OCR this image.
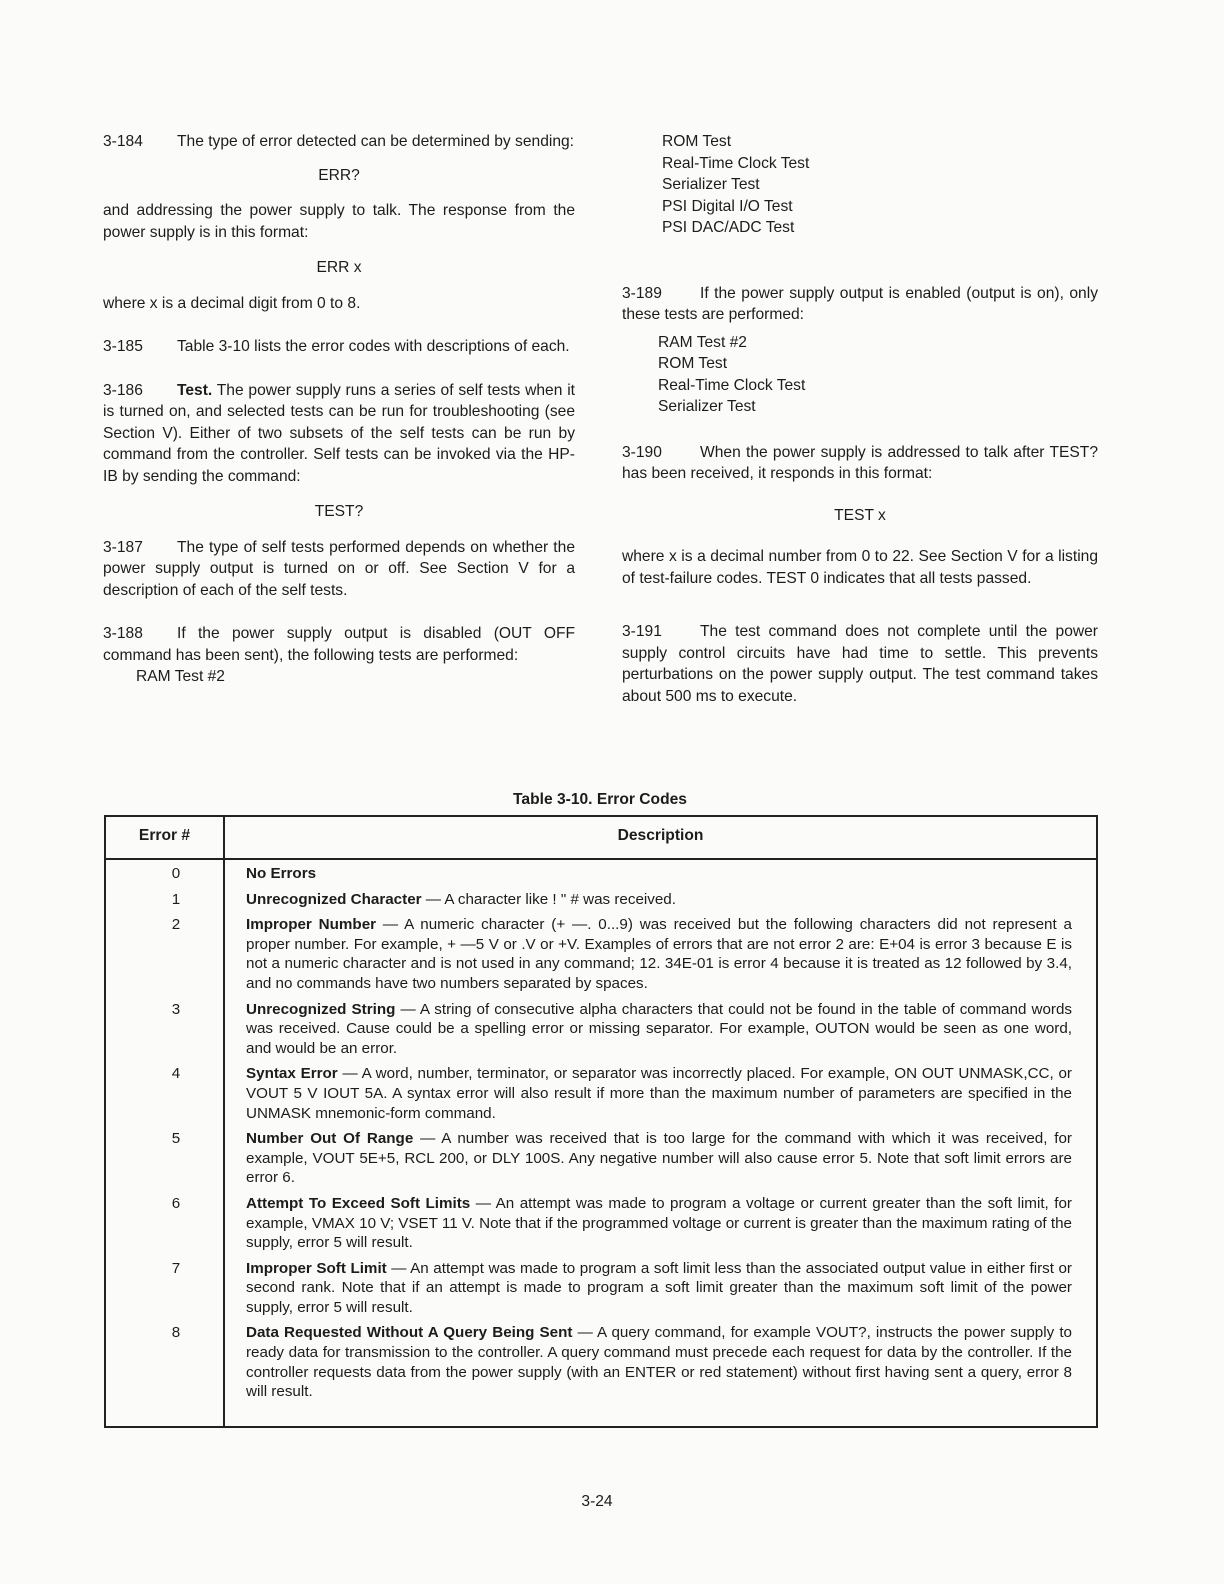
3-184 The type of error detected can be determined by sending:

ERR?

and addressing the power supply to talk. The response from the power supply is in this format:

ERR x

where x is a decimal digit from 0 to 8.

3-185 Table 3-10 lists the error codes with descriptions of each.

3-186 Test. The power supply runs a series of self tests when it is turned on, and selected tests can be run for troubleshooting (see Section V). Either of two subsets of the self tests can be run by command from the controller. Self tests can be invoked via the HP-IB by sending the command:

TEST?

3-187 The type of self tests performed depends on whether the power supply output is turned on or off. See Section V for a description of each of the self tests.

3-188 If the power supply output is disabled (OUT OFF command has been sent), the following tests are performed:

RAM Test #2

ROM Test
Real-Time Clock Test
Serializer Test
PSI Digital I/O Test
PSI DAC/ADC Test

3-189 If the power supply output is enabled (output is on), only these tests are performed:

RAM Test #2
ROM Test
Real-Time Clock Test
Serializer Test

3-190 When the power supply is addressed to talk after TEST? has been received, it responds in this format:

TEST x

where x is a decimal number from 0 to 22. See Section V for a listing of test-failure codes. TEST 0 indicates that all tests passed.

3-191 The test command does not complete until the power supply control circuits have had time to settle. This prevents perturbations on the power supply output. The test command takes about 500 ms to execute.

Table 3-10. Error Codes
Error #	Description
0	No Errors
1	Unrecognized Character — A character like ! " # was received.
2	Improper Number — A numeric character (+ —. 0...9) was received but the following characters did not represent a proper number. For example, + —5 V or .V or +V. Examples of errors that are not error 2 are: E+04 is error 3 because E is not a numeric character and is not used in any command; 12. 34E-01 is error 4 because it is treated as 12 followed by 3.4, and no commands have two numbers separated by spaces.
3	Unrecognized String — A string of consecutive alpha characters that could not be found in the table of command words was received. Cause could be a spelling error or missing separator. For example, OUTON would be seen as one word, and would be an error.
4	Syntax Error — A word, number, terminator, or separator was incorrectly placed. For example, ON OUT UNMASK,CC, or VOUT 5 V IOUT 5A. A syntax error will also result if more than the maximum number of parameters are specified in the UNMASK mnemonic-form command.
5	Number Out Of Range — A number was received that is too large for the command with which it was received, for example, VOUT 5E+5, RCL 200, or DLY 100S. Any negative number will also cause error 5. Note that soft limit errors are error 6.
6	Attempt To Exceed Soft Limits — An attempt was made to program a voltage or current greater than the soft limit, for example, VMAX 10 V; VSET 11 V. Note that if the programmed voltage or current is greater than the maximum rating of the supply, error 5 will result.
7	Improper Soft Limit — An attempt was made to program a soft limit less than the associated output value in either first or second rank. Note that if an attempt is made to program a soft limit greater than the maximum soft limit of the power supply, error 5 will result.
8	Data Requested Without A Query Being Sent — A query command, for example VOUT?, instructs the power supply to ready data for transmission to the controller. A query command must precede each request for data by the controller. If the controller requests data from the power supply (with an ENTER or red statement) without first having sent a query, error 8 will result.
3-24
